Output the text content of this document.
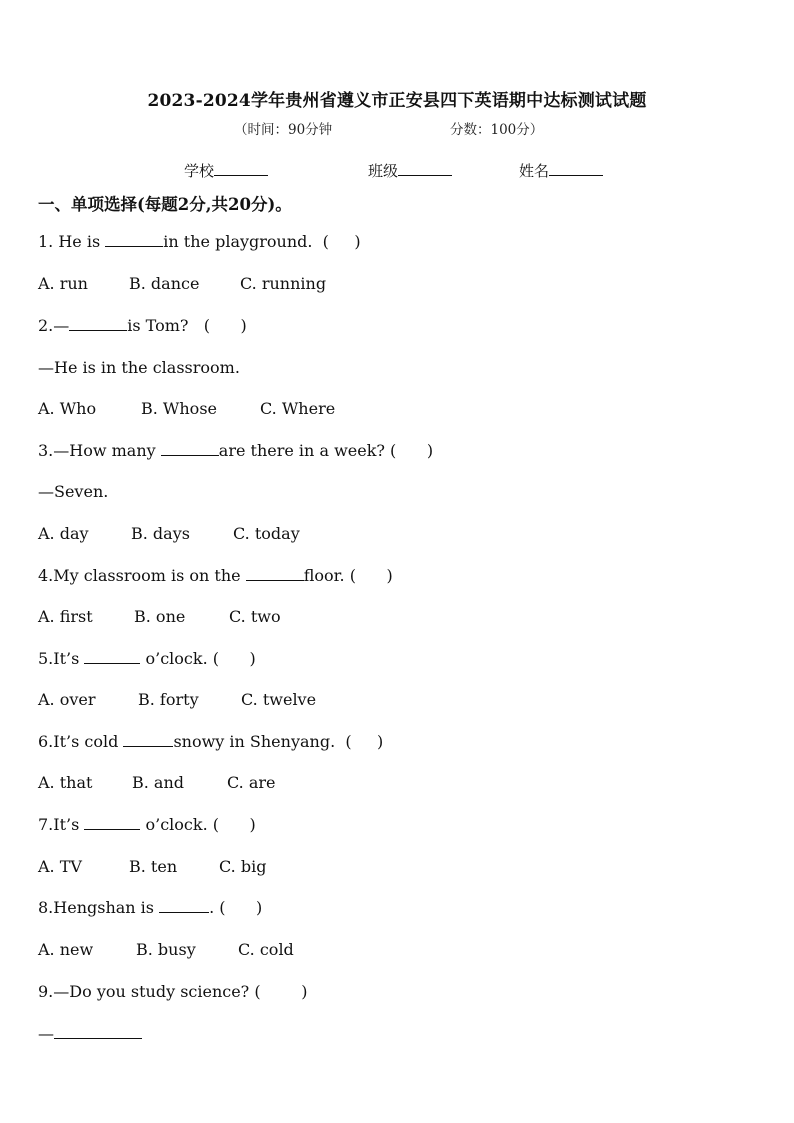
2023-2024学年贵州省遵义市正安县四下英语期中达标测试试题
（时间：90分钟	分数：100分）
学校	班级	姓名
一、单项选择(每题2分,共20分)。
1. He is	in the playground.  (     )
A. run	B. dance	C. running
2.—	is Tom?   (      )
—He is in the classroom.
A. Who	B. Whose	C. Where
3.—How many	are there in a week? (      )
—Seven.
A. day	B. days	C. today
4.My classroom is on the	floor. (      )
A. first	B. one	C. two
5.It’s	o’clock. (      )
A. over	B. forty	C. twelve
6.It’s cold	snowy in Shenyang.  (     )
A. that B. and	C. are
7.It’s	o’clock. (      )
A. TV	B. ten	C. big
8.Hengshan is	. (      )
A. new	B. busy	C. cold
9.—Do you study science? (        )
—
